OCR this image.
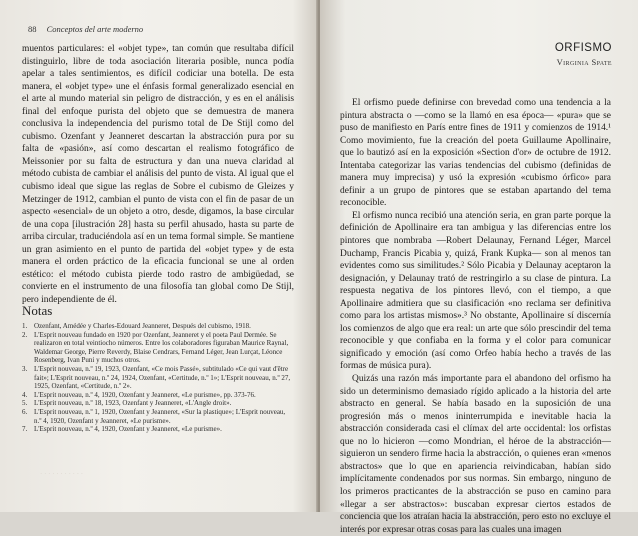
· · · · · · · · · · ·
88 Conceptos del arte moderno
muentos particulares: el «objet type», tan común que resultaba difícil distinguirlo, libre de toda asociación literaria posible, nunca podía apelar a tales sentimientos, es difícil codiciar una botella. De esta manera, el «objet type» une el énfasis formal generalizado esencial en el arte al mundo material sin peligro de distracción, y es en el análisis final del enfoque purista del objeto que se demuestra de manera conclusiva la independencia del purismo total de De Stijl como del cubismo. Ozenfant y Jeanneret descartan la abstracción pura por su falta de «pasión», así como descartan el realismo fotográfico de Meissonier por su falta de estructura y dan una nueva claridad al método cubista de cambiar el análisis del punto de vista. Al igual que el cubismo ideal que sigue las reglas de Sobre el cubismo de Gleizes y Metzinger de 1912, cambian el punto de vista con el fin de pasar de un aspecto «esencial» de un objeto a otro, desde, digamos, la base circular de una copa [ilustración 28] hasta su perfil ahusado, hasta su parte de arriba circular, traduciéndola así en un tema formal simple. Se mantiene un gran asimiento en el punto de partida del «objet type» y de esta manera el orden práctico de la eficacia funcional se une al orden estético: el método cubista pierde todo rastro de ambigüedad, se convierte en el instrumento de una filosofía tan global como De Stijl, pero independiente de él.
Notas
1. Ozenfant, Amédée y Charles-Edouard Jeanneret, Después del cubismo, 1918.
2. L'Esprit nouveau fundado en 1920 por Ozenfant, Jeanneret y el poeta Paul Dermée. Se realizaron en total veintiocho números. Entre los colaboradores figuraban Maurice Raynal, Waldemar George, Pierre Reverdy, Blaise Cendrars, Fernand Léger, Jean Lurçat, Léonce Rosenberg, Ivan Puni y muchos otros.
3. L'Esprit nouveau, n.º 19, 1923, Ozenfant, «Ce mois Passé», subtitulado «Ce qui vaut d'être fait»; L'Esprit nouveau, n.º 24, 1924, Ozenfant, «Certitude, n.º 1»; L'Esprit nouveau, n.º 27, 1925, Ozenfant, «Certitude, n.º 2».
4. L'Esprit nouveau, n.º 4, 1920, Ozenfant y Jeanneret, «Le purisme», pp. 373-76.
5. L'Esprit nouveau, n.º 18, 1923, Ozenfant y Jeanneret, «L'Angle droit».
6. L'Esprit nouveau, n.º 1, 1920, Ozenfant y Jeanneret, «Sur la plastique»; L'Esprit nouveau, n.º 4, 1920, Ozenfant y Jeanneret, «Le purisme».
7. L'Esprit nouveau, n.º 4, 1920, Ozenfant y Jeanneret, «Le purisme».
ORFISMO
Virginia Spate

El orfismo puede definirse con brevedad como una tendencia a la pintura abstracta o —como se la llamó en esa época— «pura» que se puso de manifiesto en París entre fines de 1911 y comienzos de 1914.¹ Como movimiento, fue la creación del poeta Guillaume Apollinaire, que lo bautizó así en la exposición «Section d'or» de octubre de 1912. Intentaba categorizar las varias tendencias del cubismo (definidas de manera muy imprecisa) y usó la expresión «cubismo órfico» para definir a un grupo de pintores que se estaban apartando del tema reconocible.

El orfismo nunca recibió una atención seria, en gran parte porque la definición de Apollinaire era tan ambigua y las diferencias entre los pintores que nombraba —Robert Delaunay, Fernand Léger, Marcel Duchamp, Francis Picabia y, quizá, Frank Kupka— son al menos tan evidentes como sus similitudes.² Sólo Picabia y Delaunay aceptaron la designación, y Delaunay trató de restringirlo a su clase de pintura. La respuesta negativa de los pintores llevó, con el tiempo, a que Apollinaire admitiera que su clasificación «no reclama ser definitiva como para los artistas mismos».³ No obstante, Apollinaire sí discernía los comienzos de algo que era real: un arte que sólo prescindir del tema reconocible y que confiaba en la forma y el color para comunicar significado y emoción (así como Orfeo había hecho a través de las formas de música pura).

Quizás una razón más importante para el abandono del orfismo ha sido un determinismo demasiado rígido aplicado a la historia del arte abstracto en general. Se había basado en la suposición de una progresión más o menos ininterrumpida e inevitable hacia la abstracción considerada casi el clímax del arte occidental: los orfistas que no lo hicieron —como Mondrian, el héroe de la abstracción— siguieron un sendero firme hacia la abstracción, o quienes eran «menos abstractos» que lo que en apariencia reivindicaban, habían sido implícitamente condenados por sus normas. Sin embargo, ninguno de los primeros practicantes de la abstracción se puso en camino para «llegar a ser abstractos»: buscaban expresar ciertos estados de conciencia que los atraían hacia la abstracción, pero esto no excluye el interés por expresar otras cosas para las cuales una imagen
